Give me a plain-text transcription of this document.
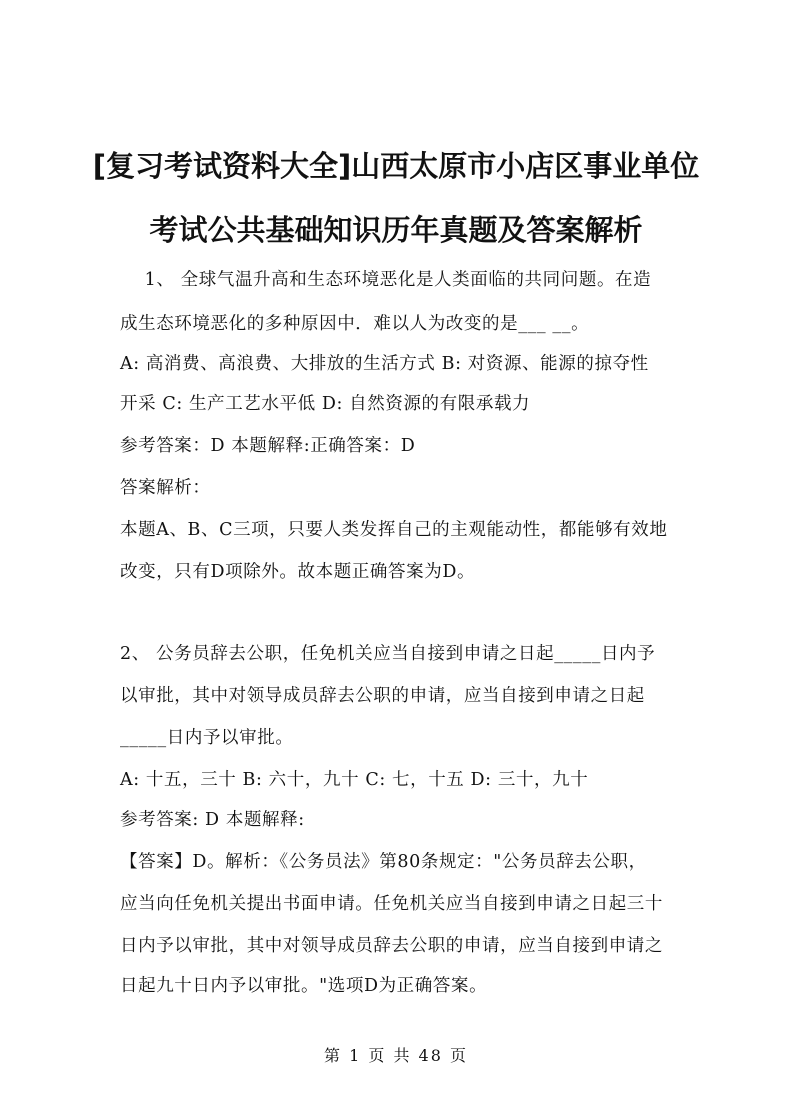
[复习考试资料大全]山西太原市小店区事业单位
考试公共基础知识历年真题及答案解析
1、 全球气温升高和生态环境恶化是人类面临的共同问题。在造
成生态环境恶化的多种原因中．难以人为改变的是___ __。
A: 高消费、高浪费、大排放的生活方式 B: 对资源、能源的掠夺性
开采 C: 生产工艺水平低 D: 自然资源的有限承载力
参考答案：D 本题解释:正确答案：D
答案解析：
本题A、B、C三项，只要人类发挥自己的主观能动性，都能够有效地
改变，只有D项除外。故本题正确答案为D。
2、 公务员辞去公职，任免机关应当自接到申请之日起_____日内予
以审批，其中对领导成员辞去公职的申请，应当自接到申请之日起
_____日内予以审批。
A: 十五，三十 B: 六十，九十 C: 七，十五 D: 三十，九十
参考答案: D 本题解释:
【答案】D。解析：《公务员法》第80条规定："公务员辞去公职，
应当向任免机关提出书面申请。任免机关应当自接到申请之日起三十
日内予以审批，其中对领导成员辞去公职的申请，应当自接到申请之
日起九十日内予以审批。"选项D为正确答案。
第 1 页 共 48 页
